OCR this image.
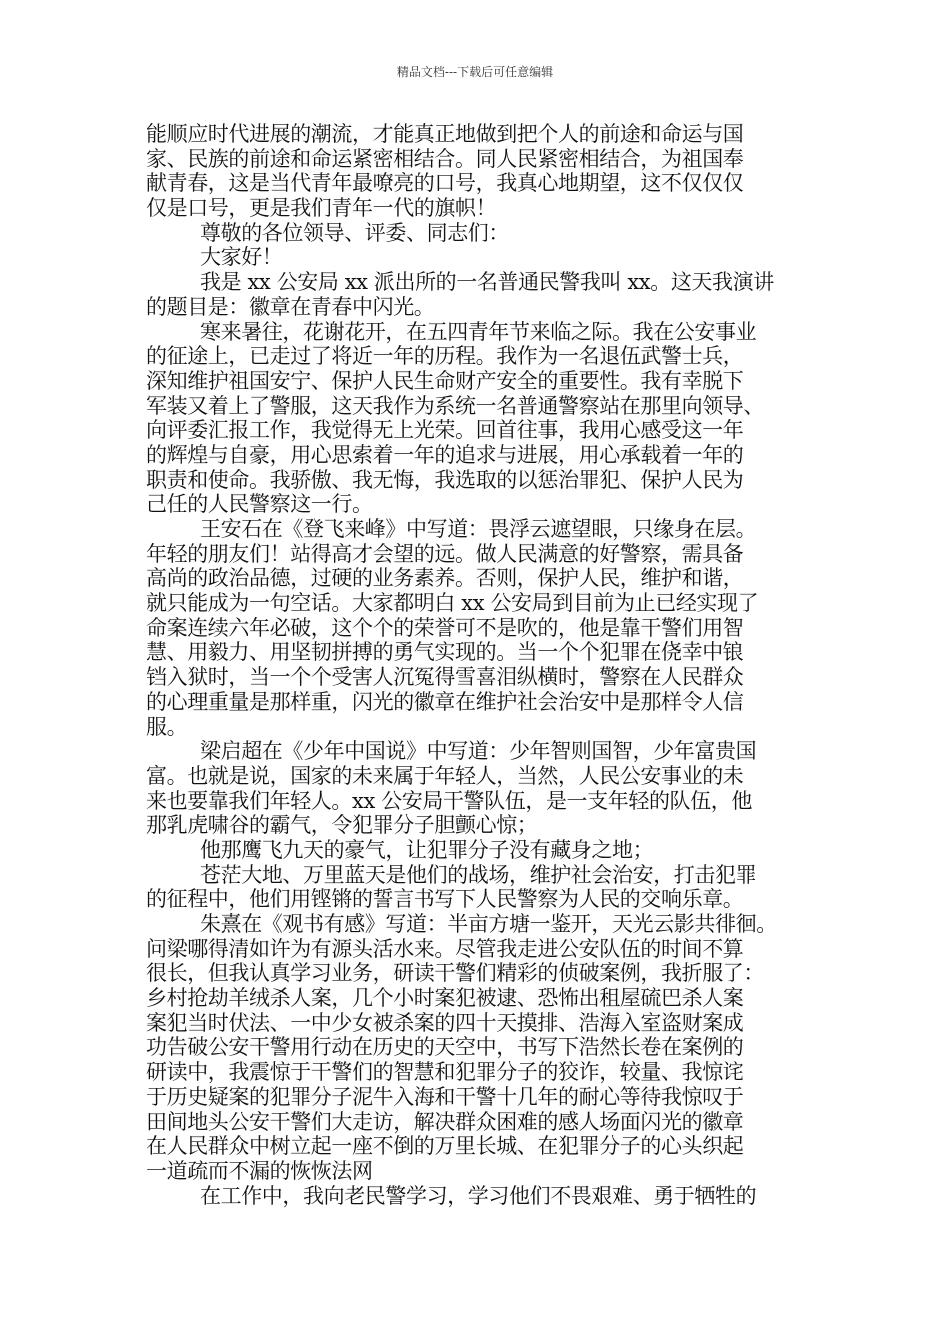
精品文档---下载后可任意编辑
能顺应时代进展的潮流，才能真正地做到把个人的前途和命运与国
家、民族的前途和命运紧密相结合。同人民紧密相结合，为祖国奉
献青春，这是当代青年最嘹亮的口号，我真心地期望，这不仅仅仅
仅是口号，更是我们青年一代的旗帜！
尊敬的各位领导、评委、同志们：
大家好！
我是 xx 公安局 xx 派出所的一名普通民警我叫 xx。这天我演讲
的题目是：徽章在青春中闪光。
寒来暑往，花谢花开，在五四青年节来临之际。我在公安事业
的征途上，已走过了将近一年的历程。我作为一名退伍武警士兵，
深知维护祖国安宁、保护人民生命财产安全的重要性。我有幸脱下
军装又着上了警服，这天我作为系统一名普通警察站在那里向领导、
向评委汇报工作，我觉得无上光荣。回首往事，我用心感受这一年
的辉煌与自豪，用心思索着一年的追求与进展，用心承载着一年的
职责和使命。我骄傲、我无悔，我选取的以惩治罪犯、保护人民为
己任的人民警察这一行。
王安石在《登飞来峰》中写道：畏浮云遮望眼，只缘身在层。
年轻的朋友们！站得高才会望的远。做人民满意的好警察，需具备
高尚的政治品德，过硬的业务素养。否则，保护人民，维护和谐，
就只能成为一句空话。大家都明白 xx 公安局到目前为止已经实现了
命案连续六年必破，这个个的荣誉可不是吹的，他是靠干警们用智
慧、用毅力、用坚韧拼搏的勇气实现的。当一个个犯罪在侥幸中锒
铛入狱时，当一个个受害人沉冤得雪喜泪纵横时，警察在人民群众
的心理重量是那样重，闪光的徽章在维护社会治安中是那样令人信
服。
梁启超在《少年中国说》中写道：少年智则国智，少年富贵国
富。也就是说，国家的未来属于年轻人，当然，人民公安事业的未
来也要靠我们年轻人。xx 公安局干警队伍，是一支年轻的队伍，他
那乳虎啸谷的霸气，令犯罪分子胆颤心惊；
他那鹰飞九天的豪气，让犯罪分子没有藏身之地；
苍茫大地、万里蓝天是他们的战场，维护社会治安，打击犯罪
的征程中，他们用铿锵的誓言书写下人民警察为人民的交响乐章。
朱熹在《观书有感》写道：半亩方塘一鉴开，天光云影共徘徊。
问梁哪得清如许为有源头活水来。尽管我走进公安队伍的时间不算
很长，但我认真学习业务，研读干警们精彩的侦破案例，我折服了：
乡村抢劫羊绒杀人案，几个小时案犯被逮、恐怖出租屋硫巴杀人案
案犯当时伏法、一中少女被杀案的四十天摸排、浩海入室盗财案成
功告破公安干警用行动在历史的天空中，书写下浩然长卷在案例的
研读中，我震惊于干警们的智慧和犯罪分子的狡诈，较量、我惊诧
于历史疑案的犯罪分子泥牛入海和干警十几年的耐心等待我惊叹于
田间地头公安干警们大走访，解决群众困难的感人场面闪光的徽章
在人民群众中树立起一座不倒的万里长城、在犯罪分子的心头织起
一道疏而不漏的恢恢法网
在工作中，我向老民警学习，学习他们不畏艰难、勇于牺牲的
